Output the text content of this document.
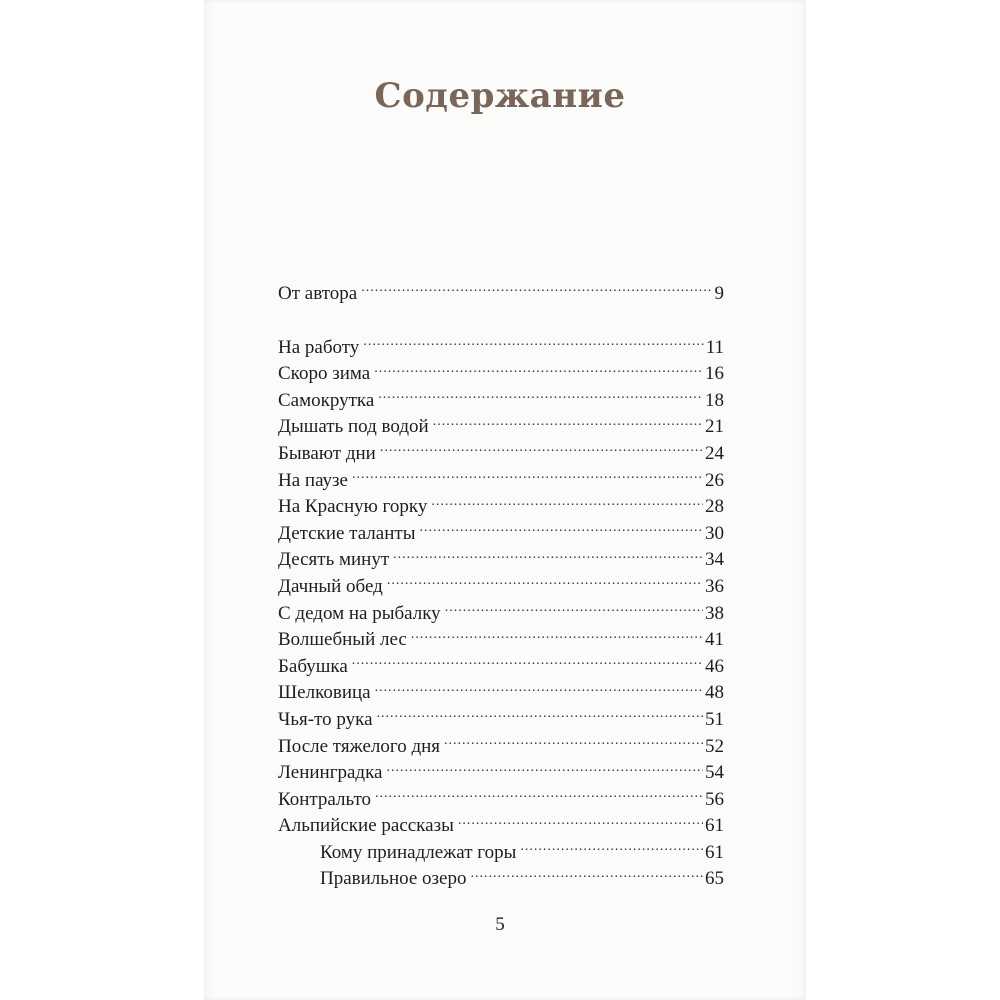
Содержание
От автора .....	9
На работу .....	11
Скоро зима .....	16
Самокрутка .....	18
Дышать под водой .....	21
Бывают дни .....	24
На паузе .....	26
На Красную горку .....	28
Детские таланты .....	30
Десять минут .....	34
Дачный обед .....	36
С дедом на рыбалку .....	38
Волшебный лес .....	41
Бабушка .....	46
Шелковица .....	48
Чья-то рука .....	51
После тяжелого дня .....	52
Ленинградка .....	54
Контральто .....	56
Альпийские рассказы .....	61
Кому принадлежат горы .....	61
Правильное озеро .....	65
5
